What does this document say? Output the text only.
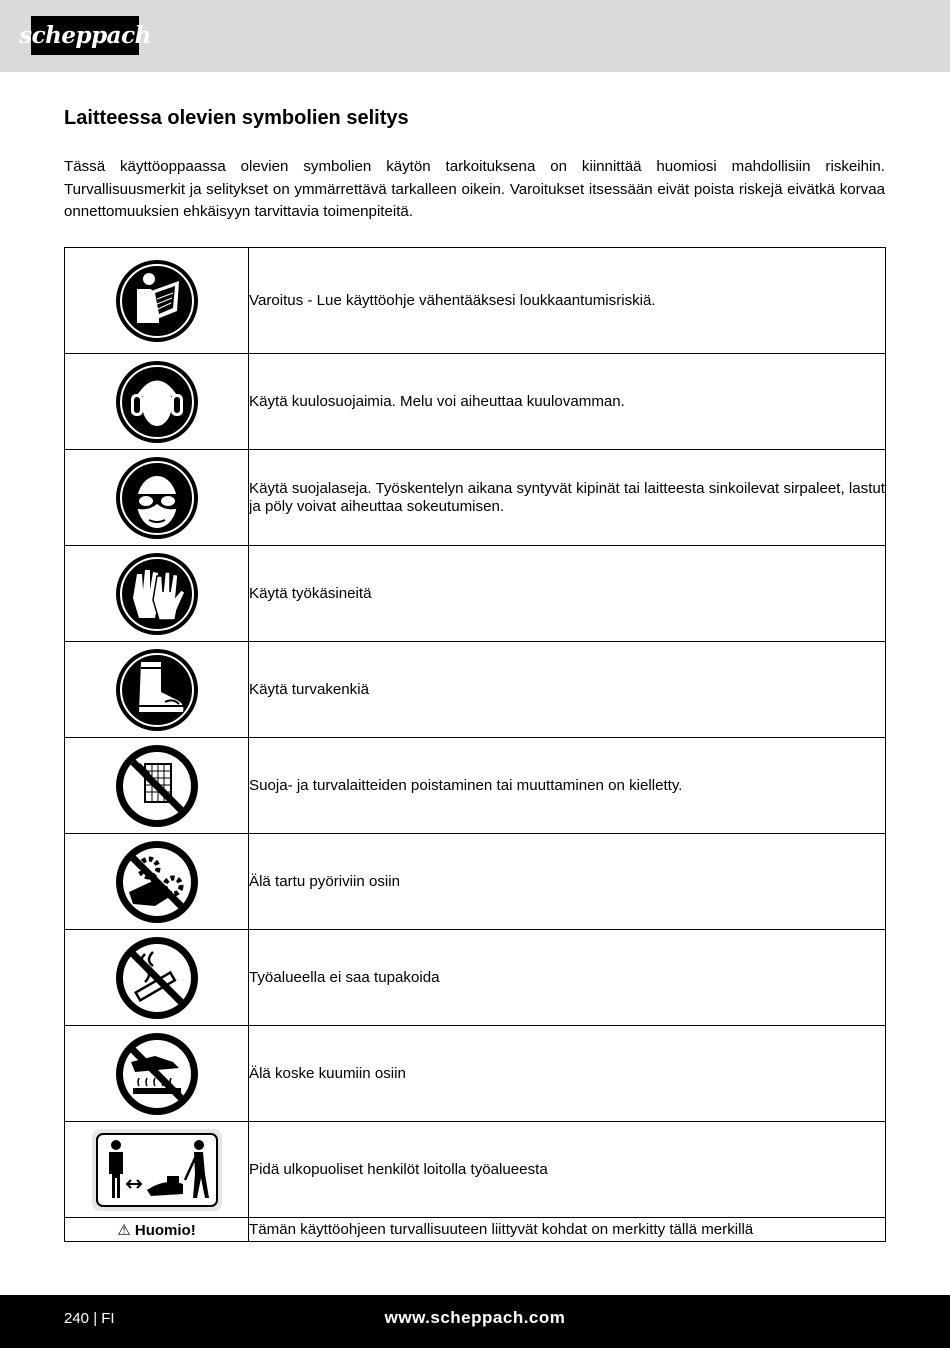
scheppach
Laitteessa olevien symbolien selitys

Tässä käyttöoppaassa olevien symbolien käytön tarkoituksena on kiinnittää huomiosi mahdollisiin riskeihin. Turvallisuusmerkit ja selitykset on ymmärrettävä tarkalleen oikein. Varoitukset itsessään eivät poista riskejä eivätkä korvaa onnettomuuksien ehkäisyyn tarvittavia toimenpiteitä.

	Varoitus - Lue käyttöohje vähentääksesi loukkaantumisriskiä.

	Käytä kuulosuojaimia. Melu voi aiheuttaa kuulovamman.

	Käytä suojalaseja. Työskentelyn aikana syntyvät kipinät tai laitteesta sinkoilevat sirpaleet, lastut ja pöly voivat aiheuttaa sokeutumisen.

	Käytä työkäsineitä

	Käytä turvakenkiä

	Suoja- ja turvalaitteiden poistaminen tai muuttaminen on kielletty.

	Älä tartu pyöriviin osiin

	Työalueella ei saa tupakoida

	Älä koske kuumiin osiin

	Pidä ulkopuoliset henkilöt loitolla työalueesta
⚠ Huomio!	Tämän käyttöohjeen turvallisuuteen liittyvät kohdat on merkitty tällä merkillä
240 | FI	www.scheppach.com
